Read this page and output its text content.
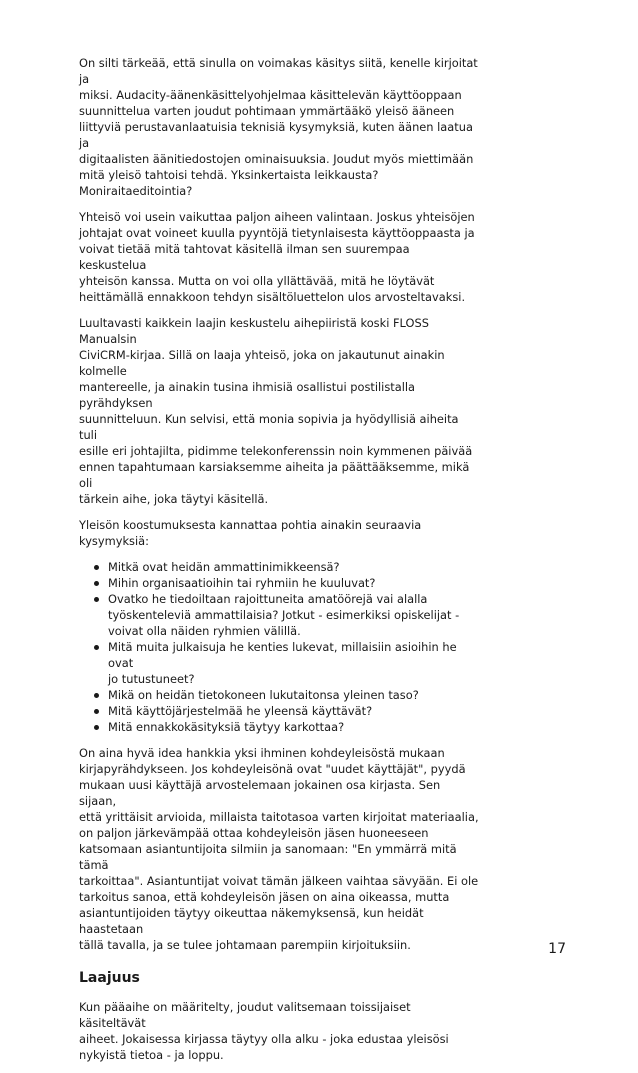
On silti tärkeää, että sinulla on voimakas käsitys siitä, kenelle kirjoitat ja
miksi. Audacity-äänenkäsittelyohjelmaa käsittelevän käyttöoppaan
suunnittelua varten joudut pohtimaan ymmärtääkö yleisö ääneen
liittyviä perustavanlaatuisia teknisiä kysymyksiä, kuten äänen laatua ja
digitaalisten äänitiedostojen ominaisuuksia. Joudut myös miettimään
mitä yleisö tahtoisi tehdä. Yksinkertaista leikkausta?
Moniraitaeditointia?

Yhteisö voi usein vaikuttaa paljon aiheen valintaan. Joskus yhteisöjen
johtajat ovat voineet kuulla pyyntöjä tietynlaisesta käyttöoppaasta ja
voivat tietää mitä tahtovat käsitellä ilman sen suurempaa keskustelua
yhteisön kanssa. Mutta on voi olla yllättävää, mitä he löytävät
heittämällä ennakkoon tehdyn sisältöluettelon ulos arvosteltavaksi.

Luultavasti kaikkein laajin keskustelu aihepiiristä koski FLOSS Manualsin
CiviCRM-kirjaa. Sillä on laaja yhteisö, joka on jakautunut ainakin kolmelle
mantereelle, ja ainakin tusina ihmisiä osallistui postilistalla pyrähdyksen
suunnitteluun. Kun selvisi, että monia sopivia ja hyödyllisiä aiheita tuli
esille eri johtajilta, pidimme telekonferenssin noin kymmenen päivää
ennen tapahtumaan karsiaksemme aiheita ja päättääksemme, mikä oli
tärkein aihe, joka täytyi käsitellä.

Yleisön koostumuksesta kannattaa pohtia ainakin seuraavia
kysymyksiä:

Mitkä ovat heidän ammattinimikkeensä?
Mihin organisaatioihin tai ryhmiin he kuuluvat?
Ovatko he tiedoiltaan rajoittuneita amatöörejä vai alalla
työskenteleviä ammattilaisia? Jotkut - esimerkiksi opiskelijat -
voivat olla näiden ryhmien välillä.
Mitä muita julkaisuja he kenties lukevat, millaisiin asioihin he ovat
jo tutustuneet?
Mikä on heidän tietokoneen lukutaitonsa yleinen taso?
Mitä käyttöjärjestelmää he yleensä käyttävät?
Mitä ennakkokäsityksiä täytyy karkottaa?

On aina hyvä idea hankkia yksi ihminen kohdeyleisöstä mukaan
kirjapyrähdykseen. Jos kohdeyleisönä ovat "uudet käyttäjät", pyydä
mukaan uusi käyttäjä arvostelemaan jokainen osa kirjasta. Sen sijaan,
että yrittäisit arvioida, millaista taitotasoa varten kirjoitat materiaalia,
on paljon järkevämpää ottaa kohdeyleisön jäsen huoneeseen
katsomaan asiantuntijoita silmiin ja sanomaan: "En ymmärrä mitä tämä
tarkoittaa". Asiantuntijat voivat tämän jälkeen vaihtaa sävyään. Ei ole
tarkoitus sanoa, että kohdeyleisön jäsen on aina oikeassa, mutta
asiantuntijoiden täytyy oikeuttaa näkemyksensä, kun heidät haastetaan
tällä tavalla, ja se tulee johtamaan parempiin kirjoituksiin.

Laajuus

Kun pääaihe on määritelty, joudut valitsemaan toissijaiset käsiteltävät
aiheet. Jokaisessa kirjassa täytyy olla alku - joka edustaa yleisösi
nykyistä tietoa - ja loppu.

17
